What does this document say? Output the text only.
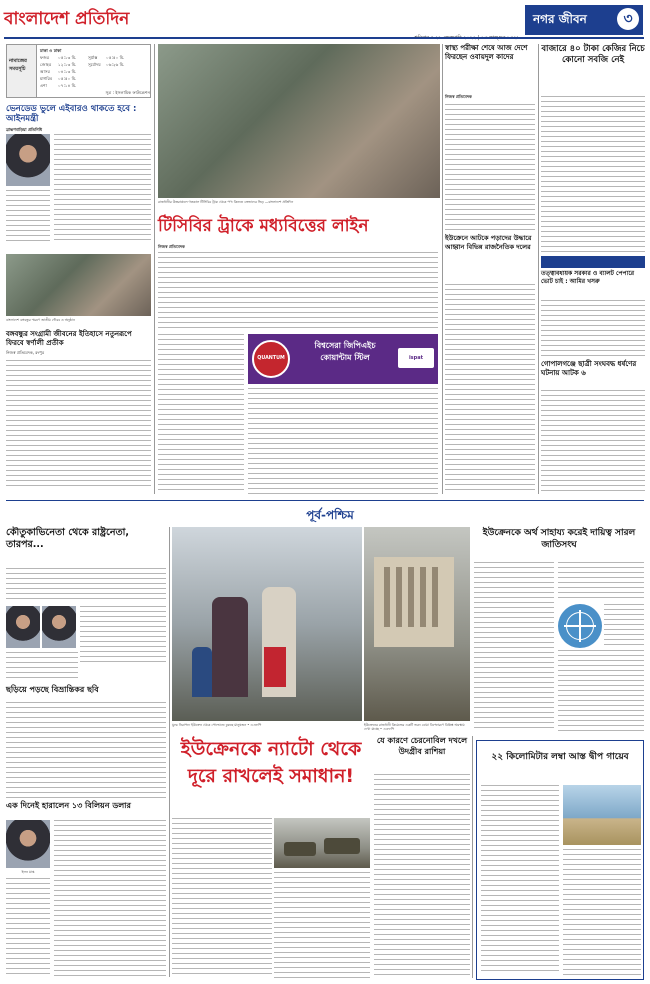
বাংলাদেশ প্রতিদিন	নগর জীবন	৩
নামাজের সময়সূচি
ঢাকা ও ঢাকা
ফজর	০৫:১৩ মি.	সূর্যাস্ত	০৫:৫০ মি.
জোহর	১২:১৩ মি.	সূর্যোদয়	০৬:২৬ মি.
আসর	০৪:১৩ মি.
মাগরিব	০৫:৫০ মি.
এশা	০৭:১৪ মি.
সূত্র : ইসলামিক ফাউন্ডেশন
ভেনডেড ভুলে এইবারও থাকতে হবে : আইনমন্ত্রী
ব্রাহ্মণবাড়িয়া প্রতিনিধি
বাংলাদেশ বঙ্গবন্ধুর স্মরণে জাতীয় গৌরব ও অনুষ্ঠান
বঙ্গবন্ধুর সংগ্রামী জীবনের ইতিহাসে নতুনরূপে ফিরবে স্বর্ণালী প্রতীক
নিজস্ব প্রতিবেদক, রংপুর
রাজধানীর উত্তরাঞ্চলে গতকাল টিসিবির ট্রাক থেকে পণ্য কিনতে ক্রেতাদের ভিড় —বাংলাদেশ প্রতিদিন
টিসিবির ট্রাকে মধ্যবিত্তের লাইন
নিজস্ব প্রতিবেদক
QUANTUM
বিশ্বসেরা জিপিএইচ
কোয়ান্টাম স্টিল	ispat
স্বাস্থ্য পরীক্ষা শেষে আজ দেশে ফিরছেন ওবায়দুল কাদের
নিজস্ব প্রতিবেদক
ইউক্রেনে আটকে পড়াদের উদ্ধারে আহ্বান বিভিন্ন রাজনৈতিক দলের
বাজারে ৪০ টাকা কেজির নিচে কোনো সবজি নেই
তত্ত্বাবধায়ক সরকার ও ব্যালট পেপারে ভোট চাই : আমির খসরু
গোপালগঞ্জে ছাত্রী সংঘবদ্ধ ধর্ষণের ঘটনায় আটক ৬
পূর্ব-পশ্চিম
কৌতুকাভিনেতা থেকে রাষ্ট্রনেতা, তারপর...
ছড়িয়ে পড়ছে বিভ্রান্তিকর ছবি
এক দিনেই হারালেন ১৩ বিলিয়ন ডলার
ইলন মাস্ক
যুদ্ধে নিরাপদে ইউক্রেন থেকে পোল্যান্ডে ঢুকছে মানুষজন • এএফপি	ইউক্রেনের রাজধানী কিয়েভের একটি ভবন বোমা বিস্ফোরণে বিধ্বস্ত অবস্থায় দেখা যাচ্ছে • এএফপি
ইউক্রেনকে অর্থ সাহায্য করেই দায়িত্ব সারল জাতিসংঘ
ইউক্রেনকে ন্যাটো থেকে দূরে রাখলেই সমাধান!
যে কারণে চেরনোবিল দখলে উদগ্রীব রাশিয়া
২২ কিলোমিটার লম্বা আস্ত দ্বীপ গায়েব
